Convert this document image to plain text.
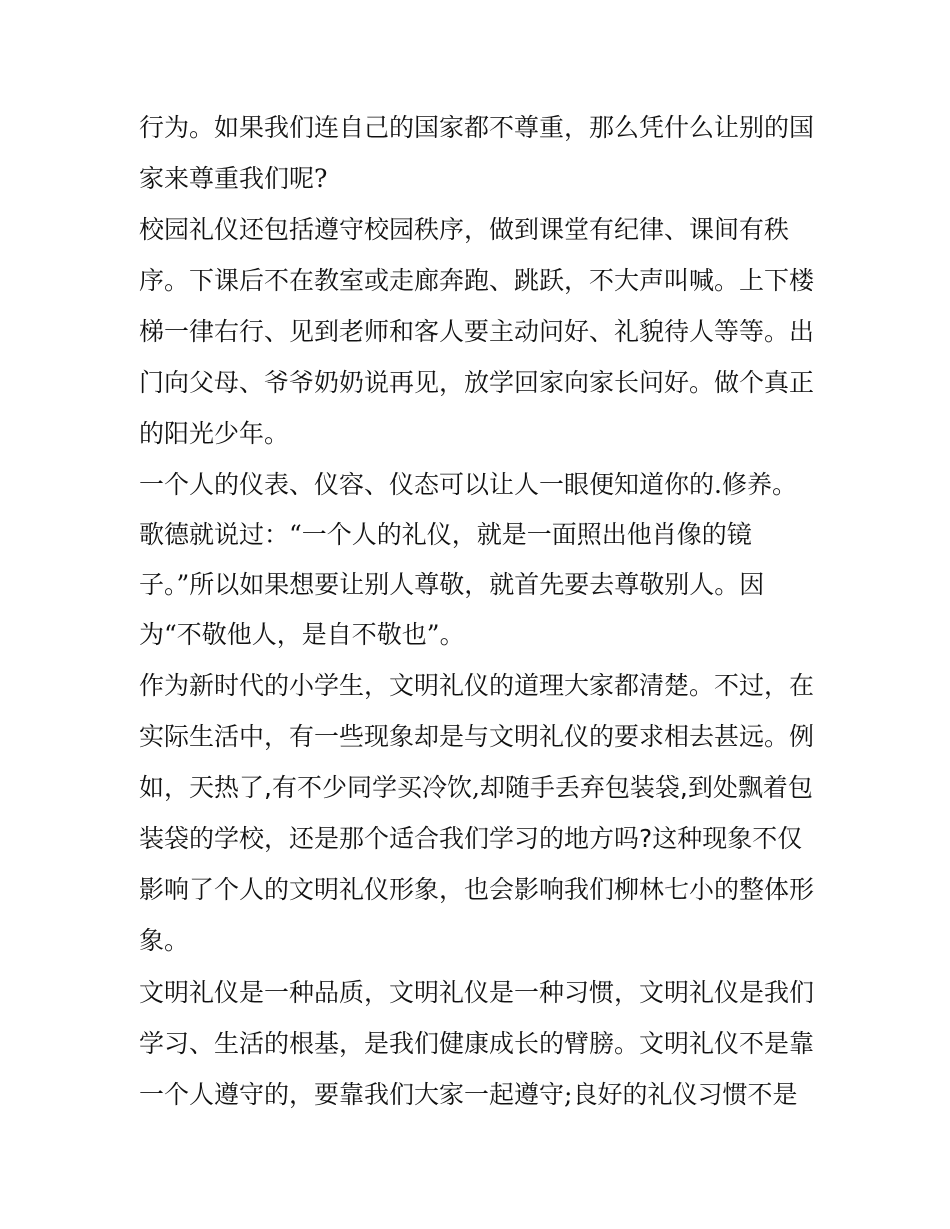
行为。如果我们连自己的国家都不尊重，那么凭什么让别的国
家来尊重我们呢?
校园礼仪还包括遵守校园秩序，做到课堂有纪律、课间有秩
序。下课后不在教室或走廊奔跑、跳跃，不大声叫喊。上下楼
梯一律右行、见到老师和客人要主动问好、礼貌待人等等。出
门向父母、爷爷奶奶说再见，放学回家向家长问好。做个真正
的阳光少年。
一个人的仪表、仪容、仪态可以让人一眼便知道你的.修养。
歌德就说过：“一个人的礼仪，就是一面照出他肖像的镜
子。”所以如果想要让别人尊敬，就首先要去尊敬别人。因
为“不敬他人，是自不敬也”。
作为新时代的小学生，文明礼仪的道理大家都清楚。不过，在
实际生活中，有一些现象却是与文明礼仪的要求相去甚远。例
如，天热了,有不少同学买冷饮,却随手丢弃包装袋,到处飘着包
装袋的学校，还是那个适合我们学习的地方吗?这种现象不仅
影响了个人的文明礼仪形象，也会影响我们柳林七小的整体形
象。
文明礼仪是一种品质，文明礼仪是一种习惯，文明礼仪是我们
学习、生活的根基，是我们健康成长的臂膀。文明礼仪不是靠
一个人遵守的，要靠我们大家一起遵守;良好的礼仪习惯不是
